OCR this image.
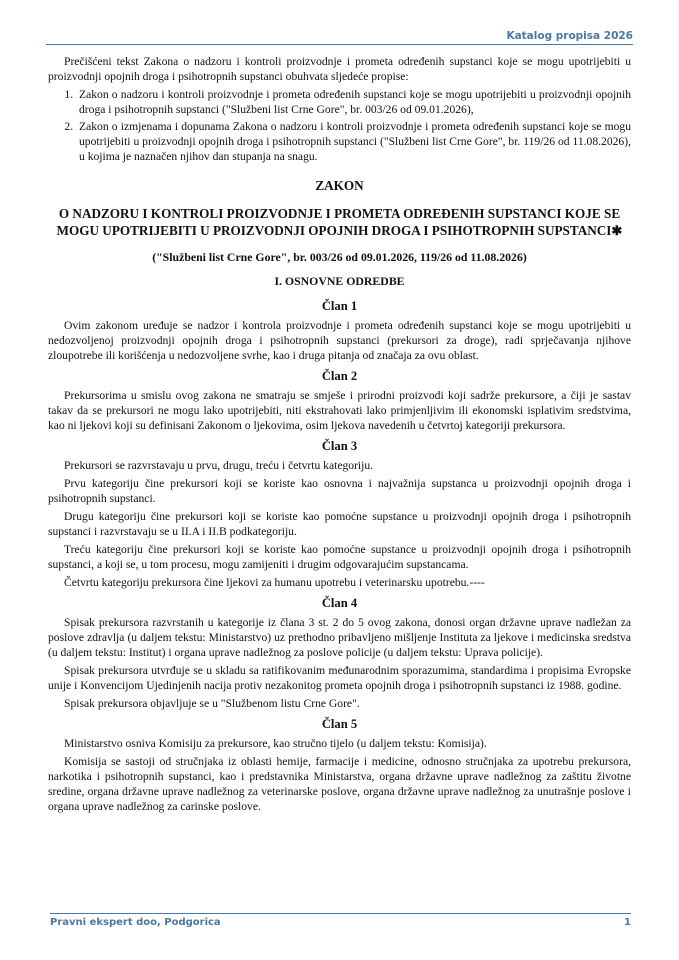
Katalog propisa 2026

Prečišćeni tekst Zakona o nadzoru i kontroli proizvodnje i prometa određenih supstanci koje se mogu upotrijebiti u proizvodnji opojnih droga i psihotropnih supstanci obuhvata sljedeće propise:

1. Zakon o nadzoru i kontroli proizvodnje i prometa određenih supstanci koje se mogu upotrijebiti u proizvodnji opojnih droga i psihotropnih supstanci ("Službeni list Crne Gore", br. 003/26 od 09.01.2026),
2. Zakon o izmjenama i dopunama Zakona o nadzoru i kontroli proizvodnje i prometa određenih supstanci koje se mogu upotrijebiti u proizvodnji opojnih droga i psihotropnih supstanci ("Službeni list Crne Gore", br. 119/26 od 11.08.2026), u kojima je naznačen njihov dan stupanja na snagu.
ZAKON
O NADZORU I KONTROLI PROIZVODNJE I PROMETA ODREĐENIH SUPSTANCI KOJE SE MOGU UPOTRIJEBITI U PROIZVODNJI OPOJNIH DROGA I PSIHOTROPNIH SUPSTANCI✱
("Službeni list Crne Gore", br. 003/26 od 09.01.2026, 119/26 od 11.08.2026)
I. OSNOVNE ODREDBE
Član 1

Ovim zakonom uređuje se nadzor i kontrola proizvodnje i prometa određenih supstanci koje se mogu upotrijebiti u nedozvoljenoj proizvodnji opojnih droga i psihotropnih supstanci (prekursori za droge), radi sprječavanja njihove zloupotrebe ili korišćenja u nedozvoljene svrhe, kao i druga pitanja od značaja za ovu oblast.

Član 2

Prekursorima u smislu ovog zakona ne smatraju se smješe i prirodni proizvodi koji sadrže prekursore, a čiji je sastav takav da se prekursori ne mogu lako upotrijebiti, niti ekstrahovati lako primjenljivim ili ekonomski isplativim sredstvima, kao ni ljekovi koji su definisani Zakonom o ljekovima, osim ljekova navedenih u četvrtoj kategoriji prekursora.

Član 3

Prekursori se razvrstavaju u prvu, drugu, treću i četvrtu kategoriju.

Prvu kategoriju čine prekursori koji se koriste kao osnovna i najvažnija supstanca u proizvodnji opojnih droga i psihotropnih supstanci.

Drugu kategoriju čine prekursori koji se koriste kao pomoćne supstance u proizvodnji opojnih droga i psihotropnih supstanci i razvrstavaju se u II.A i II.B podkategoriju.

Treću kategoriju čine prekursori koji se koriste kao pomoćne supstance u proizvodnji opojnih droga i psihotropnih supstanci, a koji se, u tom procesu, mogu zamijeniti i drugim odgovarajućim supstancama.

Četvrtu kategoriju prekursora čine ljekovi za humanu upotrebu i veterinarsku upotrebu.----

Član 4

Spisak prekursora razvrstanih u kategorije iz člana 3 st. 2 do 5 ovog zakona, donosi organ državne uprave nadležan za poslove zdravlja (u daljem tekstu: Ministarstvo) uz prethodno pribavljeno mišljenje Instituta za ljekove i medicinska sredstva (u daljem tekstu: Institut) i organa uprave nadležnog za poslove policije (u daljem tekstu: Uprava policije).

Spisak prekursora utvrđuje se u skladu sa ratifikovanim međunarodnim sporazumima, standardima i propisima Evropske unije i Konvencijom Ujedinjenih nacija protiv nezakonitog prometa opojnih droga i psihotropnih supstanci iz 1988. godine.

Spisak prekursora objavljuje se u "Službenom listu Crne Gore".

Član 5

Ministarstvo osniva Komisiju za prekursore, kao stručno tijelo (u daljem tekstu: Komisija).

Komisija se sastoji od stručnjaka iz oblasti hemije, farmacije i medicine, odnosno stručnjaka za upotrebu prekursora, narkotika i psihotropnih supstanci, kao i predstavnika Ministarstva, organa državne uprave nadležnog za zaštitu životne sredine, organa državne uprave nadležnog za veterinarske poslove, organa državne uprave nadležnog za unutrašnje poslove i organa uprave nadležnog za carinske poslove.

Pravni ekspert doo, Podgorica	1
